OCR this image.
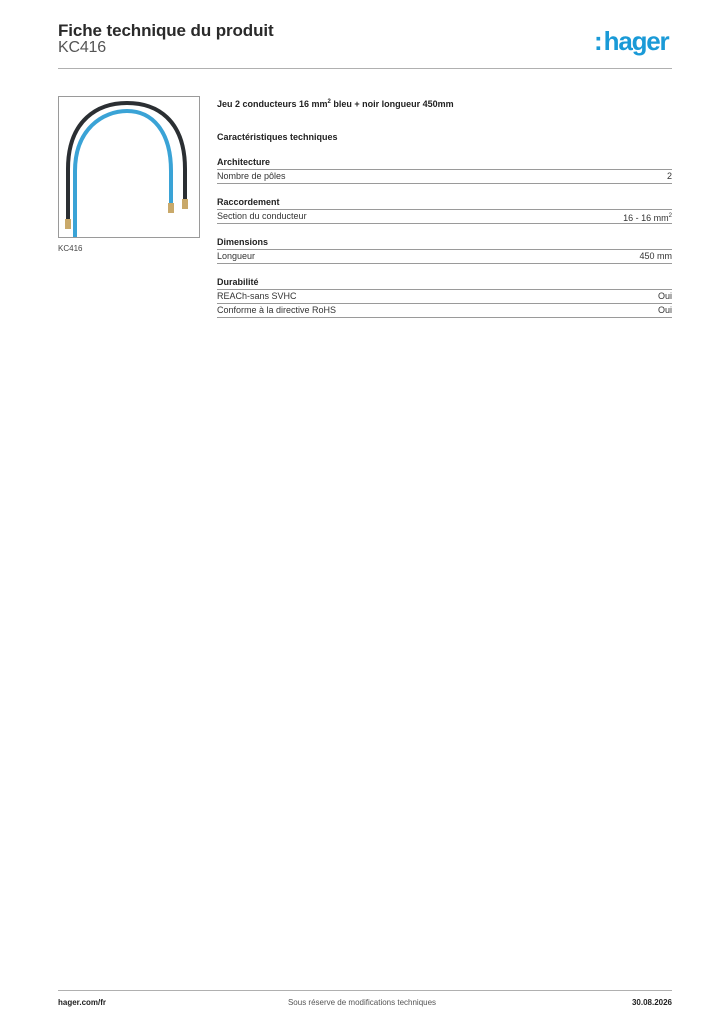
Fiche technique du produit
KC416	:hager
KC416
Jeu 2 conducteurs 16 $mm^2$ bleu + noir longueur 450mm
Caractéristiques techniques
Architecture
Nombre de pôles	2
Raccordement
Section du conducteur	16 - 16 $mm^2$
Dimensions
Longueur	450 mm
Durabilité
REACh-sans SVHC	Oui
Conforme à la directive RoHS	Oui
hager.com/fr	Sous réserve de modifications techniques	30.08.2026
